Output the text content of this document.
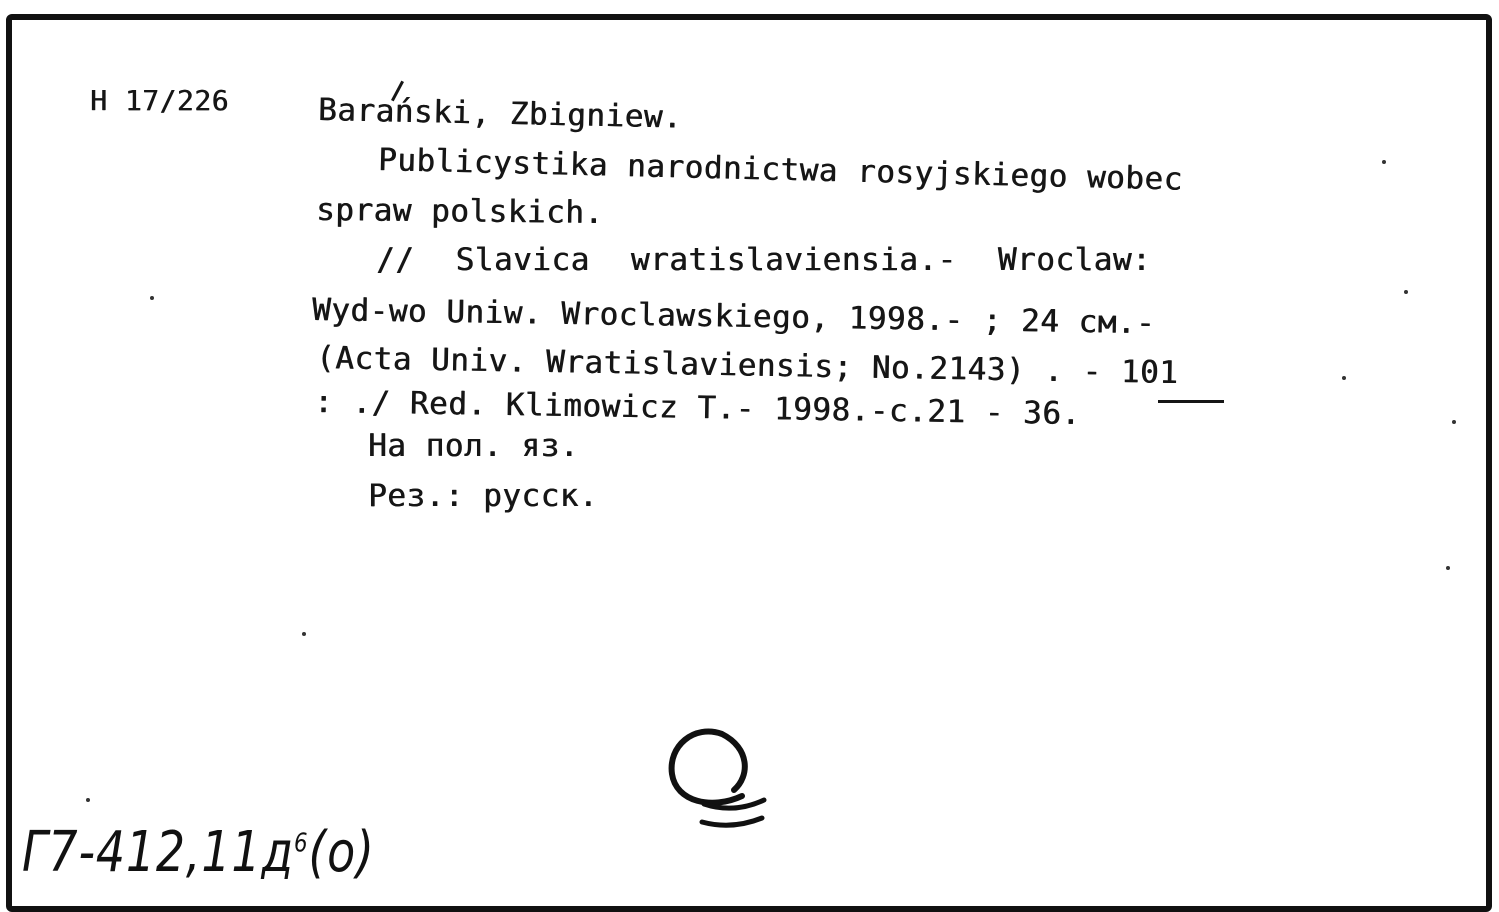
Н 17/226	Barański, Zbigniew.
Publicystika narodnictwa rosyjskiego wobec
spraw polskich.
// Slavica wratislaviensia.- Wroclaw:
Wyd-wo Uniw. Wroclawskiego, 1998.- ; 24 см.-
(Acta Univ. Wratislaviensis; No.2143) . - 101
: ./ Red. Klimowicz T.- 1998.-c.21 - 36.
На пол. яз.
Рез.: русск.
$Г7-412,11д^6(о)$
